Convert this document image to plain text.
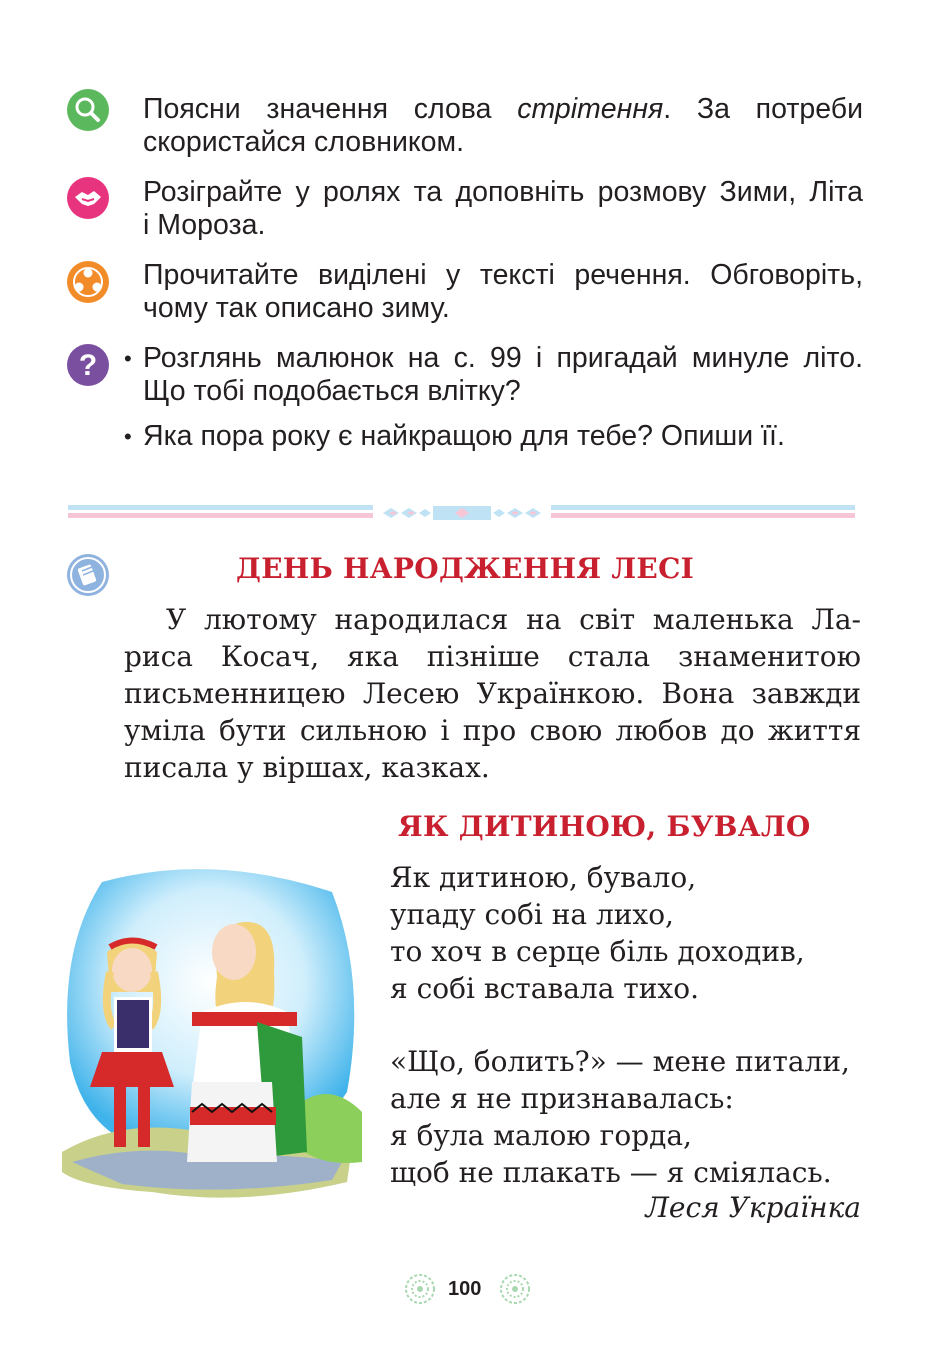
Поясни значення слова стрітення. За потреби
скористайся словником.
Розіграйте у ролях та доповніть розмову Зими, Літа
і Мороза.
Прочитайте виділені у тексті речення. Обговоріть,
чому так описано зиму.
? • Розглянь малюнок на с. 99 і пригадай минуле літо.
Що тобі подобається влітку?
• Яка пора року є найкращою для тебе? Опиши її.
ДЕНЬ НАРОДЖЕННЯ ЛЕСІ
У лютому народилася на світ маленька Ла-
риса Косач, яка пізніше стала знаменитою
письменницею Лесею Українкою. Вона завжди
уміла бути сильною і про свою любов до життя
писала у віршах, казках.
ЯК ДИТИНОЮ, БУВАЛО
Як дитиною, бувало,
упаду собі на лихо,
то хоч в серце біль доходив,
я собі вставала тихо.
«Що, болить?» — мене питали,
але я не признавалась:
я була малою горда,
щоб не плакать — я сміялась.
Леся Українка
100
